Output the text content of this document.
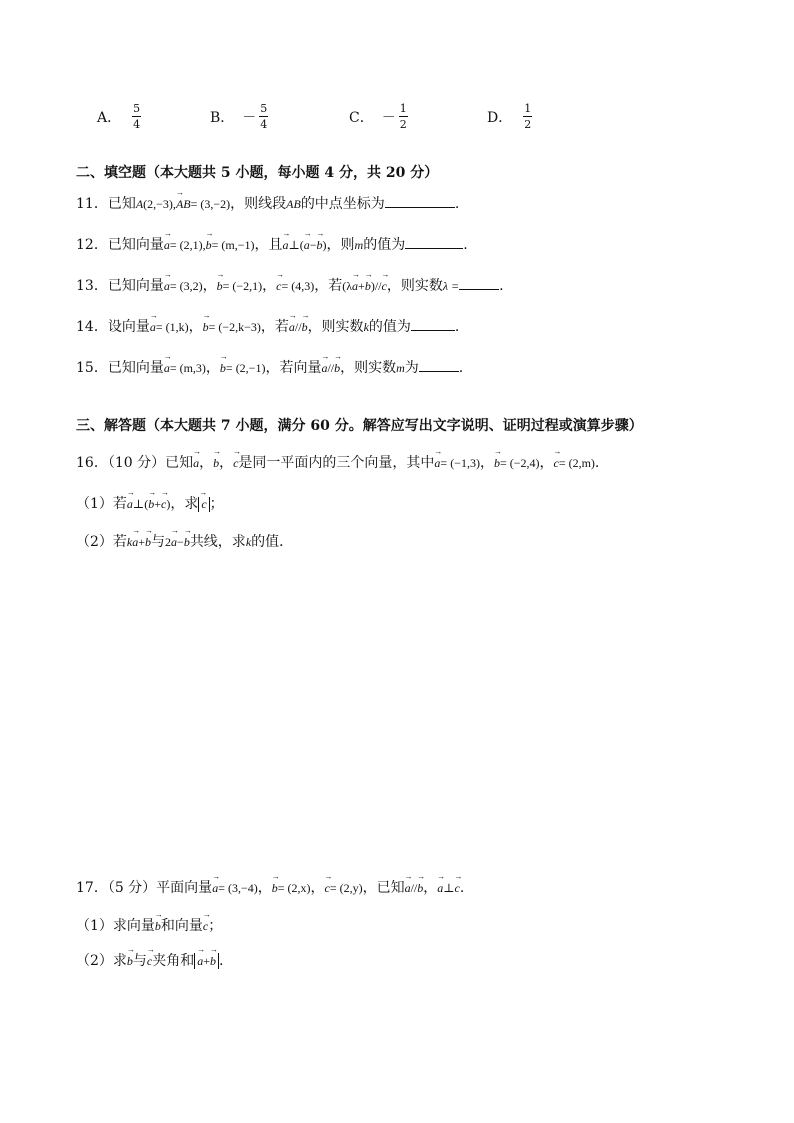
A． $\frac{5}{4}$	B． － $\frac{5}{4}$	C． － $\frac{1}{2}$	D． $\frac{1}{2}$
二、填空题（本大题共 5 小题，每小题 4 分，共 20 分）
11．已知A(2,−3),→ AB= (3,−2)，则线段AB的中点坐标为	.
12．已知向量→ a= (2,1),→ b= (m,−1)，且→ a⊥(→ a−→ b)，则m的值为	.
13．已知向量→ a= (3,2)，→ b= (−2,1)，→ c= (4,3)，若(λ→ a+→ b)//→ c，则实数λ =	.
14．设向量→ a= (1,k)，→ b= (−2,k−3)，若→ a//→ b，则实数k的值为	.
15．已知向量→ a= (m,3)，→ b= (2,−1)，若向量→ a//→ b，则实数m为	.
三、解答题（本大题共 7 小题，满分 60 分。解答应写出文字说明、证明过程或演算步骤）
16．（10 分）已知→ a，→ b，→ c是同一平面内的三个向量，其中→ a= (−1,3)，→ b= (−2,4)，→ c= (2,m).
（1）若→ a⊥(→ b+→ c)，求 → c ；
（2）若k→ a+→ b与2→ a−→ b共线，求k的值．
17．（5 分）平面向量→ a= (3,−4)，→ b= (2,x)，→ c= (2,y)，已知→ a//→ b，→ a⊥→ c.
（1）求向量→ b和向量→ c；
（2）求→ b与→ c夹角和 → a+→ b .
